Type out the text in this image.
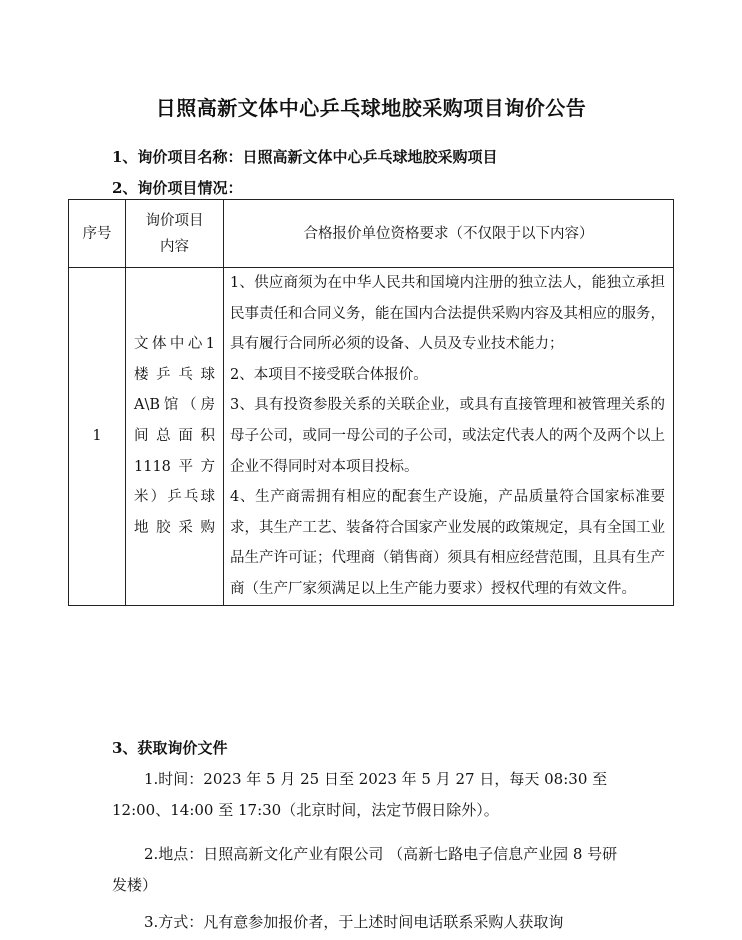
日照高新文体中心乒乓球地胶采购项目询价公告
1、询价项目名称：日照高新文体中心乒乓球地胶采购项目
2、询价项目情况：
序号	询价项目内容	合格报价单位资格要求（不仅限于以下内容）
1	文体中心1楼乒乓球A\B馆（房间总面积1118平方米）乒乓球地胶采购	1、供应商须为在中华人民共和国境内注册的独立法人，能独立承担民事责任和合同义务，能在国内合法提供采购内容及其相应的服务，具有履行合同所必须的设备、人员及专业技术能力；

2、本项目不接受联合体报价。

3、具有投资参股关系的关联企业，或具有直接管理和被管理关系的母子公司，或同一母公司的子公司，或法定代表人的两个及两个以上企业不得同时对本项目投标。

4、生产商需拥有相应的配套生产设施，产品质量符合国家标准要求，其生产工艺、装备符合国家产业发展的政策规定，具有全国工业品生产许可证；代理商（销售商）须具有相应经营范围，且具有生产商（生产厂家须满足以上生产能力要求）授权代理的有效文件。

3、获取询价文件
1.时间：2023 年 5 月 25 日至 2023 年 5 月 27 日，每天 08:30 至 12:00、14:00 至 17:30（北京时间，法定节假日除外）。
2.地点：日照高新文化产业有限公司 （高新七路电子信息产业园 8 号研发楼）
3.方式：凡有意参加报价者，于上述时间电话联系采购人获取询
